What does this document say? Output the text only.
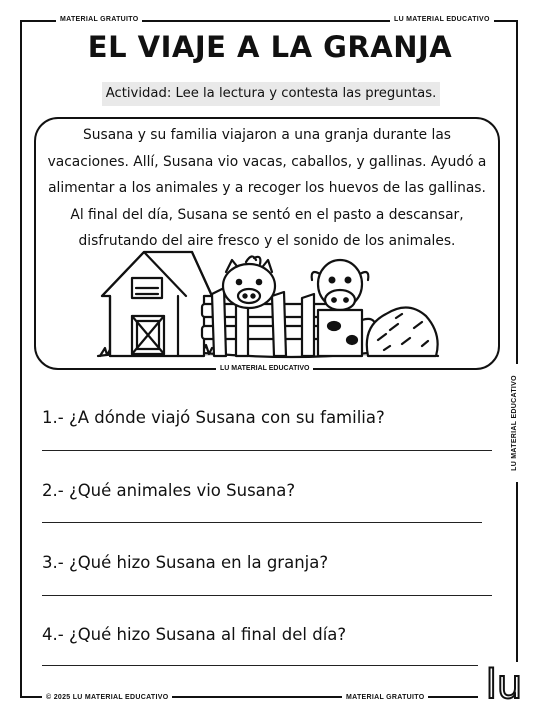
MATERIAL GRATUITO	LU MATERIAL EDUCATIVO
LU MATERIAL EDUCATIVO
© 2025 LU MATERIAL EDUCATIVO	MATERIAL GRATUITO
EL VIAJE A LA GRANJA
Actividad: Lee la lectura y contesta las preguntas.

Susana y su familia viajaron a una granja durante las
vacaciones. Allí, Susana vio vacas, caballos, y gallinas. Ayudó a
alimentar a los animales y a recoger los huevos de las gallinas.
Al final del día, Susana se sentó en el pasto a descansar,
disfrutando del aire fresco y el sonido de los animales.

LU MATERIAL EDUCATIVO
1.- ¿A dónde viajó Susana con su familia?
2.- ¿Qué animales vio Susana?
3.- ¿Qué hizo Susana en la granja?
4.- ¿Qué hizo Susana al final del día?
lu
